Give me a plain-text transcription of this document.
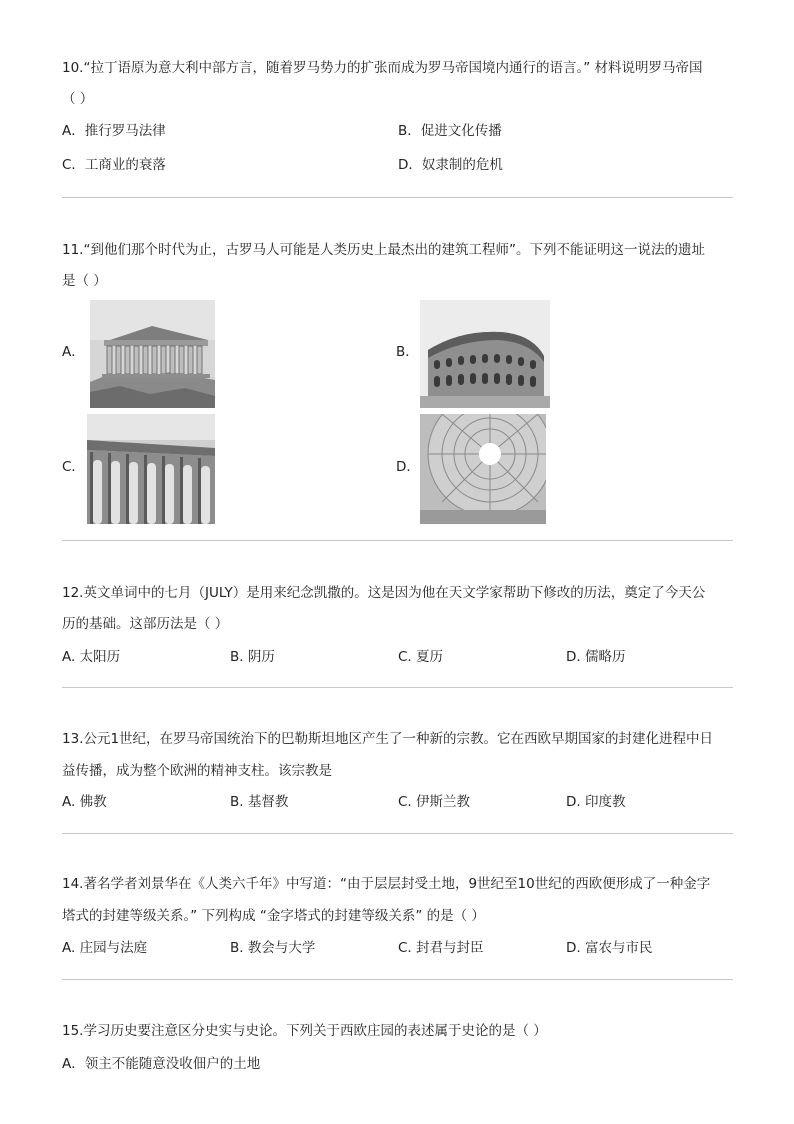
10.“拉丁语原为意大利中部方言，随着罗马势力的扩张而成为罗马帝国境内通行的语言。” 材料说明罗马帝国
（ ）
A．推行罗马法律	B．促进文化传播
C．工商业的衰落	D．奴隶制的危机
11.“到他们那个时代为止，古罗马人可能是人类历史上最杰出的建筑工程师”。下列不能证明这一说法的遗址
是（ ）
A．	B．
C．	D．
12.英文单词中的七月（JULY）是用来纪念凯撒的。这是因为他在天文学家帮助下修改的历法，奠定了今天公
历的基础。这部历法是（ ）
A. 太阳历	B. 阴历	C. 夏历	D. 儒略历
13.公元1世纪，在罗马帝国统治下的巴勒斯坦地区产生了一种新的宗教。它在西欧早期国家的封建化进程中日
益传播，成为整个欧洲的精神支柱。该宗教是
A. 佛教	B. 基督教	C. 伊斯兰教	D. 印度教
14.著名学者刘景华在《人类六千年》中写道：“由于层层封受土地，9世纪至10世纪的西欧便形成了一种金字
塔式的封建等级关系。” 下列构成 “金字塔式的封建等级关系” 的是（ ）
A. 庄园与法庭	B. 教会与大学	C. 封君与封臣	D. 富农与市民
15.学习历史要注意区分史实与史论。下列关于西欧庄园的表述属于史论的是（ ）
A．领主不能随意没收佃户的土地
